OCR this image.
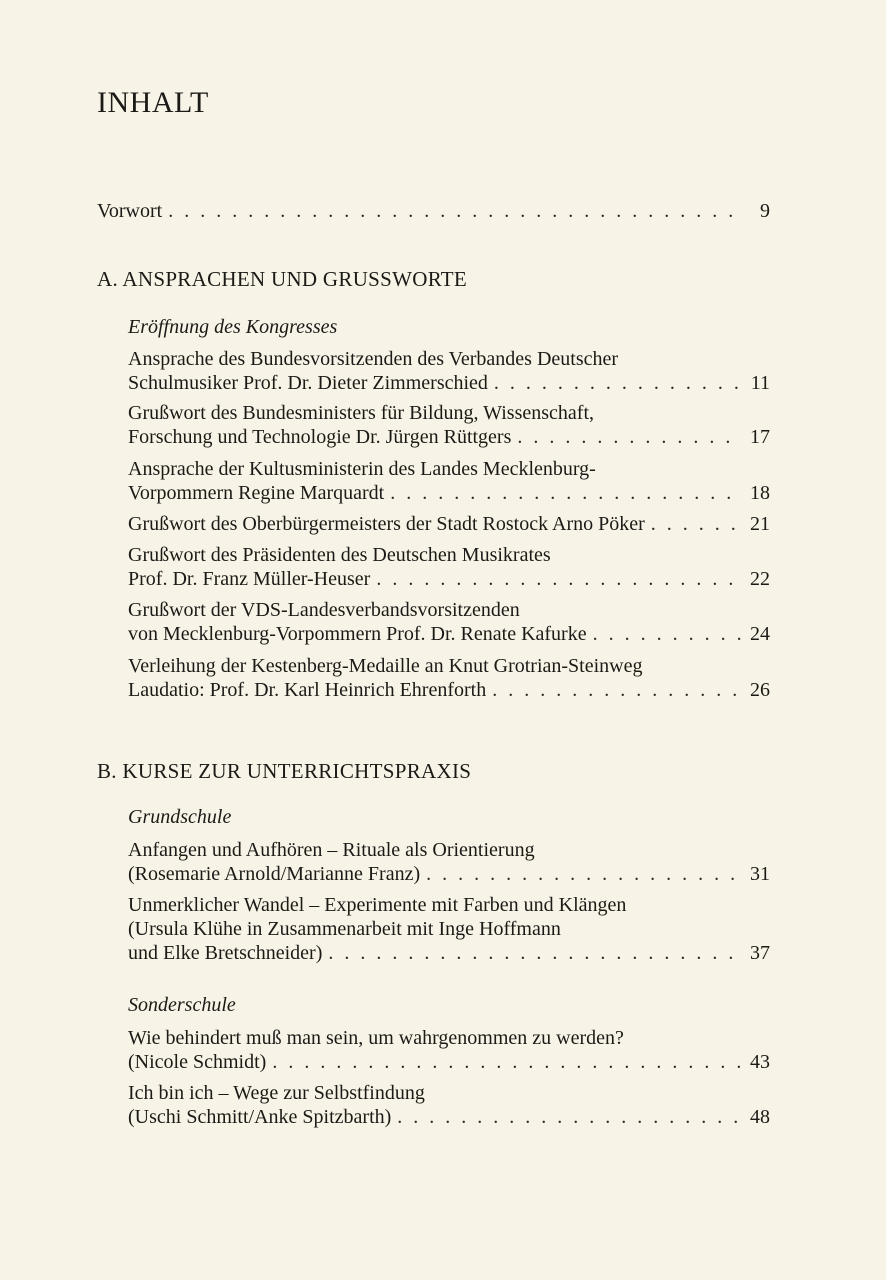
INHALT
Vorwort . . .	9
A. ANSPRACHEN UND GRUSSWORTE
Eröffnung des Kongresses
Ansprache des Bundesvorsitzenden des Verbandes Deutscher
Schulmusiker Prof. Dr. Dieter Zimmerschied . . .	11
Grußwort des Bundesministers für Bildung, Wissenschaft,
Forschung und Technologie Dr. Jürgen Rüttgers . . .	17
Ansprache der Kultusministerin des Landes Mecklenburg-
Vorpommern Regine Marquardt . . .	18
Grußwort des Oberbürgermeisters der Stadt Rostock Arno Pöker . . .	21
Grußwort des Präsidenten des Deutschen Musikrates
Prof. Dr. Franz Müller-Heuser . . .	22
Grußwort der VDS-Landesverbandsvorsitzenden
von Mecklenburg-Vorpommern Prof. Dr. Renate Kafurke . . .	24
Verleihung der Kestenberg-Medaille an Knut Grotrian-Steinweg
Laudatio: Prof. Dr. Karl Heinrich Ehrenforth . . .	26
B. KURSE ZUR UNTERRICHTSPRAXIS
Grundschule
Anfangen und Aufhören – Rituale als Orientierung
(Rosemarie Arnold/Marianne Franz) . . .	31
Unmerklicher Wandel – Experimente mit Farben und Klängen
(Ursula Klühe in Zusammenarbeit mit Inge Hoffmann
und Elke Bretschneider) . . .	37
Sonderschule
Wie behindert muß man sein, um wahrgenommen zu werden?
(Nicole Schmidt) . . .	43
Ich bin ich – Wege zur Selbstfindung
(Uschi Schmitt/Anke Spitzbarth) . . .	48
